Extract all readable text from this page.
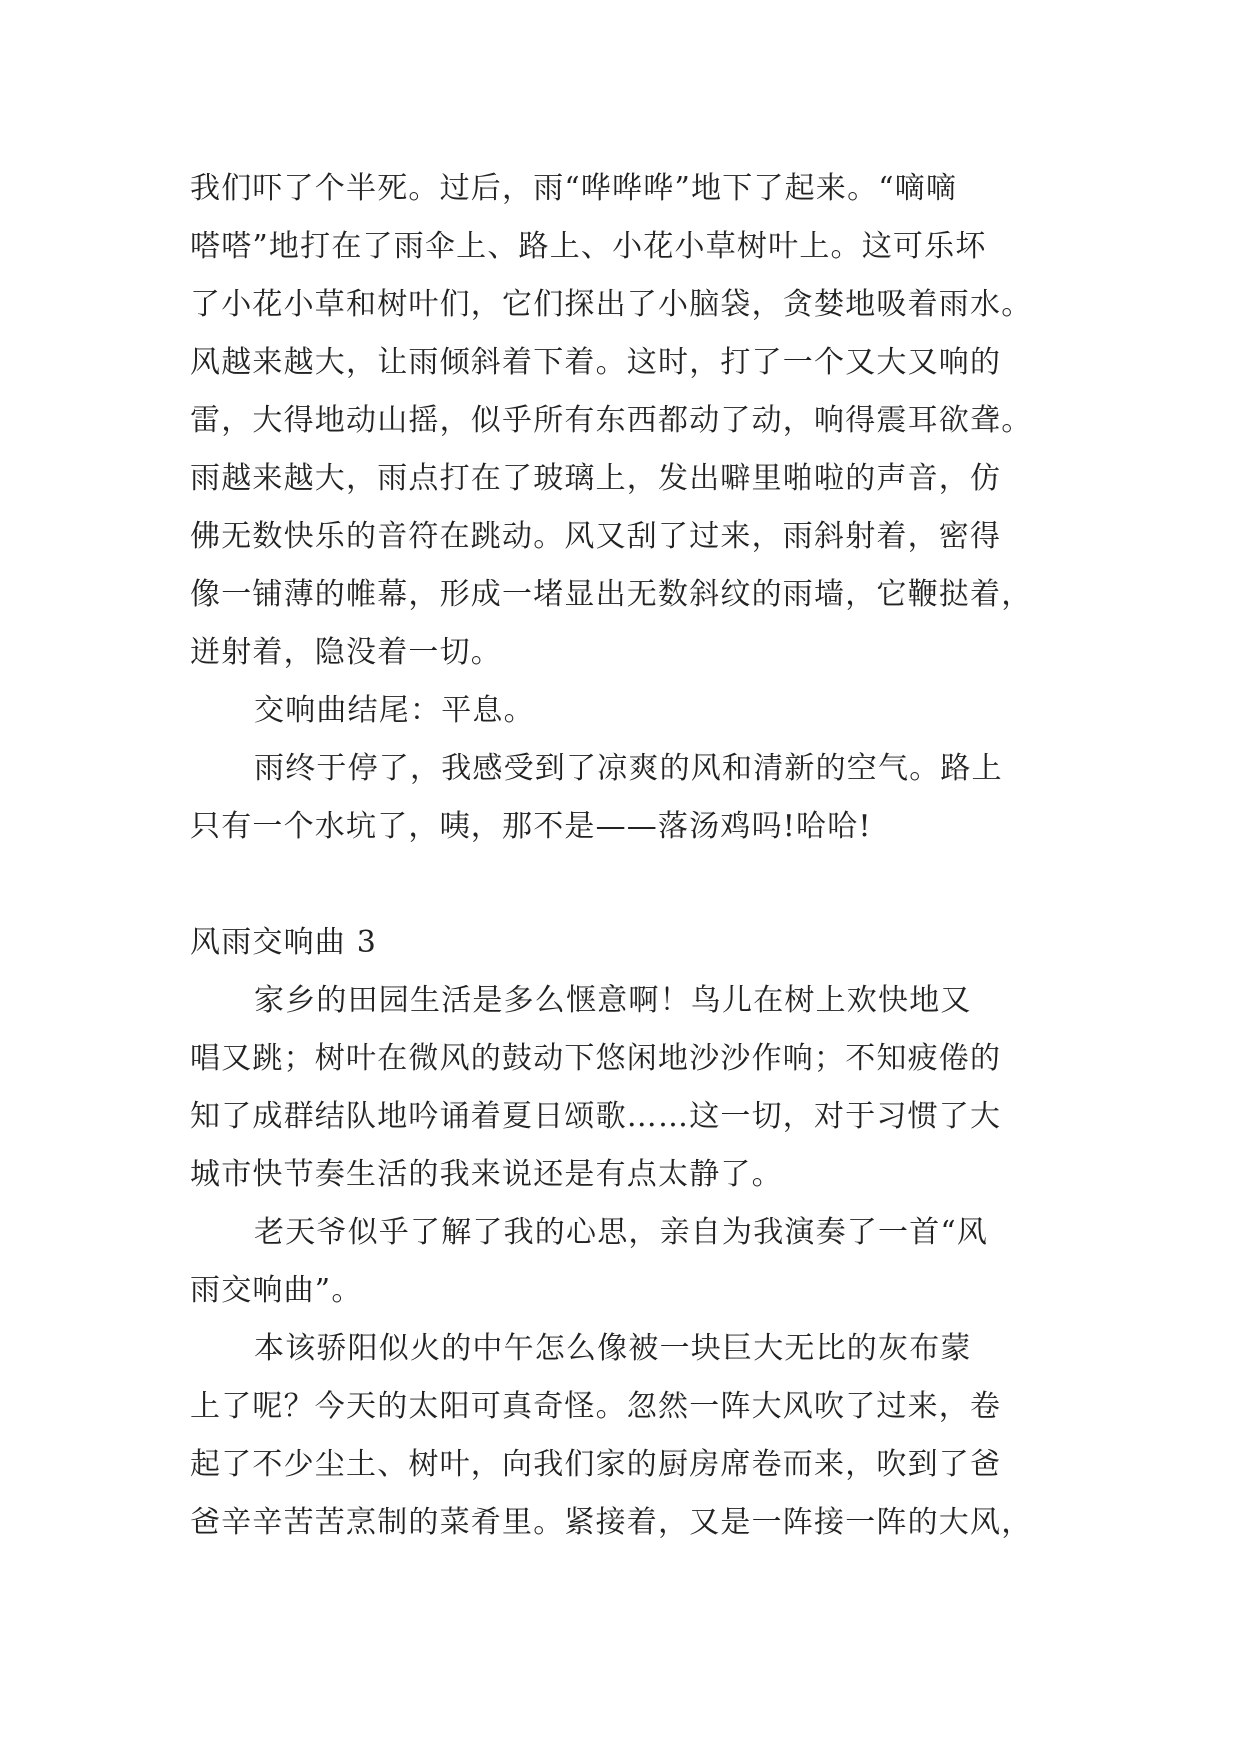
我们吓了个半死。过后，雨“哗哗哗”地下了起来。“嘀嘀
嗒嗒”地打在了雨伞上、路上、小花小草树叶上。这可乐坏
了小花小草和树叶们，它们探出了小脑袋，贪婪地吸着雨水。
风越来越大，让雨倾斜着下着。这时，打了一个又大又响的
雷，大得地动山摇，似乎所有东西都动了动，响得震耳欲聋。
雨越来越大，雨点打在了玻璃上，发出噼里啪啦的声音，仿
佛无数快乐的音符在跳动。风又刮了过来，雨斜射着，密得
像一铺薄的帷幕，形成一堵显出无数斜纹的雨墙，它鞭挞着，
迸射着，隐没着一切。
交响曲结尾：平息。
雨终于停了，我感受到了凉爽的风和清新的空气。路上
只有一个水坑了，咦，那不是——落汤鸡吗!哈哈!
风雨交响曲 3
家乡的田园生活是多么惬意啊！鸟儿在树上欢快地又
唱又跳；树叶在微风的鼓动下悠闲地沙沙作响；不知疲倦的
知了成群结队地吟诵着夏日颂歌……这一切，对于习惯了大
城市快节奏生活的我来说还是有点太静了。
老天爷似乎了解了我的心思，亲自为我演奏了一首“风
雨交响曲”。
本该骄阳似火的中午怎么像被一块巨大无比的灰布蒙
上了呢？今天的太阳可真奇怪。忽然一阵大风吹了过来，卷
起了不少尘土、树叶，向我们家的厨房席卷而来，吹到了爸
爸辛辛苦苦烹制的菜肴里。紧接着，又是一阵接一阵的大风，
